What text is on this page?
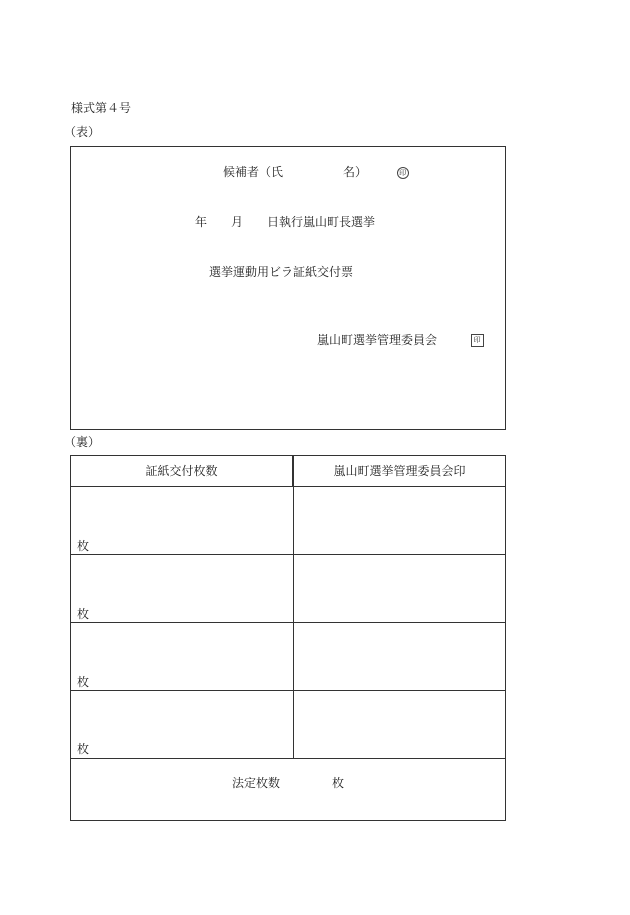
様式第４号
（表）
候補者（氏　　　　　名）	印
年　　月　　日執行嵐山町長選挙
選挙運動用ビラ証紙交付票
嵐山町選挙管理委員会	印
（裏）
証紙交付枚数	嵐山町選挙管理委員会印
枚
枚
枚
枚
法定枚数	枚
